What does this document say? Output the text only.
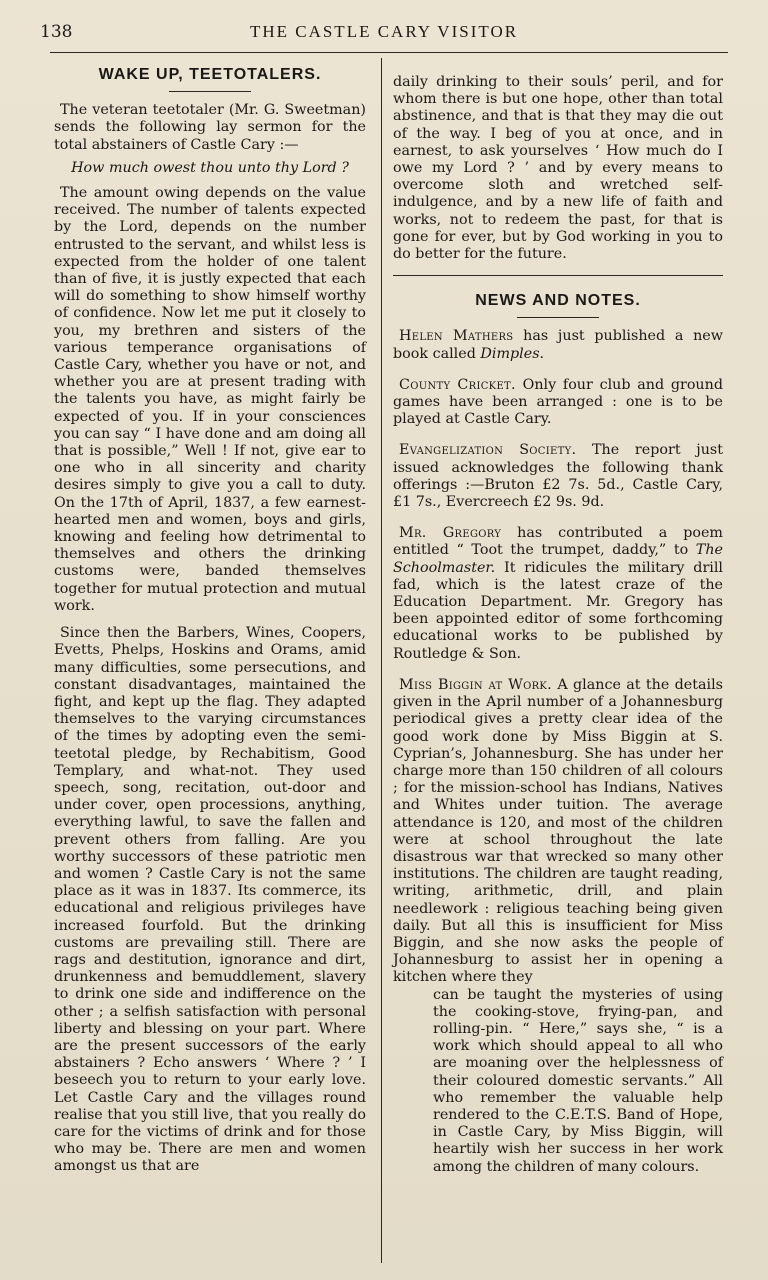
138	THE CASTLE CARY VISITOR
WAKE UP, TEETOTALERS.

The veteran teetotaler (Mr. G. Sweetman) sends the following lay sermon for the total abstainers of Castle Cary :—

How much owest thou unto thy Lord ?

The amount owing depends on the value received. The number of talents expected by the Lord, depends on the number entrusted to the servant, and whilst less is expected from the holder of one talent than of five, it is justly expected that each will do something to show himself worthy of confidence. Now let me put it closely to you, my brethren and sisters of the various temperance organisations of Castle Cary, whether you have or not, and whether you are at present trading with the talents you have, as might fairly be expected of you. If in your consciences you can say “ I have done and am doing all that is possible,” Well ! If not, give ear to one who in all sincerity and charity desires simply to give you a call to duty. On the 17th of April, 1837, a few earnest-hearted men and women, boys and girls, knowing and feeling how detrimental to themselves and others the drinking customs were, banded themselves together for mutual protection and mutual work.

Since then the Barbers, Wines, Coopers, Evetts, Phelps, Hoskins and Orams, amid many difficulties, some persecutions, and constant disadvantages, maintained the fight, and kept up the flag. They adapted themselves to the varying circumstances of the times by adopting even the semi-teetotal pledge, by Rechabitism, Good Templary, and what-not. They used speech, song, recitation, out-door and under cover, open processions, anything, everything lawful, to save the fallen and prevent others from falling. Are you worthy successors of these patriotic men and women ? Castle Cary is not the same place as it was in 1837. Its commerce, its educational and religious privileges have increased fourfold. But the drinking customs are prevailing still. There are rags and destitution, ignorance and dirt, drunkenness and bemuddlement, slavery to drink one side and indifference on the other ; a selfish satisfaction with personal liberty and blessing on your part. Where are the present successors of the early abstainers ? Echo answers ‘ Where ? ’ I beseech you to return to your early love. Let Castle Cary and the villages round realise that you still live, that you really do care for the victims of drink and for those who may be. There are men and women amongst us that are

daily drinking to their souls’ peril, and for whom there is but one hope, other than total abstinence, and that is that they may die out of the way. I beg of you at once, and in earnest, to ask yourselves ‘ How much do I owe my Lord ? ’ and by every means to overcome sloth and wretched self-indulgence, and by a new life of faith and works, not to redeem the past, for that is gone for ever, but by God working in you to do better for the future.

NEWS AND NOTES.

Helen Mathers has just published a new book called Dimples.

County Cricket. Only four club and ground games have been arranged : one is to be played at Castle Cary.

Evangelization Society. The report just issued acknowledges the following thank offerings :—Bruton £2 7s. 5d., Castle Cary, £1 7s., Evercreech £2 9s. 9d.

Mr. Gregory has contributed a poem entitled “ Toot the trumpet, daddy,” to The Schoolmaster. It ridicules the military drill fad, which is the latest craze of the Education Department. Mr. Gregory has been appointed editor of some forthcoming educational works to be published by Routledge & Son.

Miss Biggin at Work. A glance at the details given in the April number of a Johannesburg periodical gives a pretty clear idea of the good work done by Miss Biggin at S. Cyprian’s, Johannesburg. She has under her charge more than 150 children of all colours ; for the mission-school has Indians, Natives and Whites under tuition. The average attendance is 120, and most of the children were at school throughout the late disastrous war that wrecked so many other institutions. The children are taught reading, writing, arithmetic, drill, and plain needlework : religious teaching being given daily. But all this is insufficient for Miss Biggin, and she now asks the people of Johannesburg to assist her in opening a kitchen where they

can be taught the mysteries of using the cooking-stove, frying-pan, and rolling-pin. “ Here,” says she, “ is a work which should appeal to all who are moaning over the helplessness of their coloured domestic servants.” All who remember the valuable help rendered to the C.E.T.S. Band of Hope, in Castle Cary, by Miss Biggin, will heartily wish her success in her work among the children of many colours.
